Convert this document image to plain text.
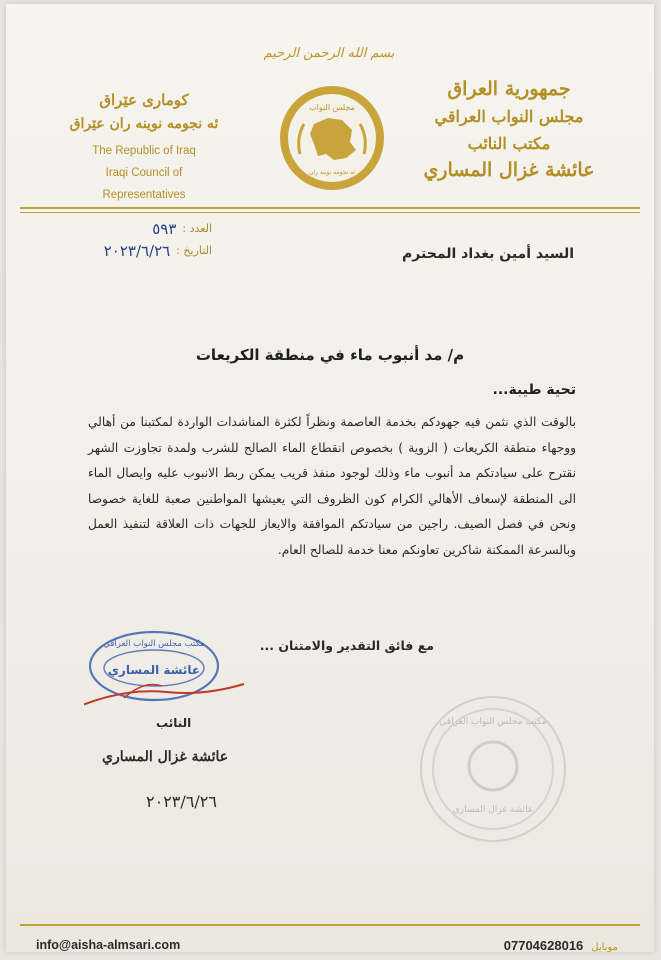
جمهورية العراق
مجلس النواب العراقي
مكتب النائب
عائشة غزال المساري
كوماری عێراق
ئه نجومه نوينه ران عێراق
The Republic of Iraq
Iraqi Council of Representatives
بسم الله الرحمن الرحيم
مجلس النواب
ئه نجومه نوينه ران
العدد :
٥٩٣
التاريخ :
٢٠٢٣/٦/٢٦	السيد أمين بغداد المحترم
م/ مد أنبوب ماء في منطقة الكريعات
تحية طيبة...
بالوقت الذي نثمن فيه جهودكم بخدمة العاصمة ونظراً لكثرة المناشدات الواردة لمكتبنا من أهالي ووجهاء منطقة الكريعات ( الزوية ) بخصوص انقطاع الماء الصالح للشرب ولمدة تجاوزت الشهر نقترح على سيادتكم مد أنبوب ماء وذلك لوجود منفذ قريب يمكن ربط الانبوب عليه وايصال الماء الى المنطقة لإسعاف الأهالي الكرام كون الظروف التي يعيشها المواطنين صعبة للغاية خصوصا ونحن في فصل الصيف. راجين من سيادتكم الموافقة والايعاز للجهات ذات العلاقة لتنفيذ العمل وبالسرعة الممكنة شاكرين تعاونكم معنا خدمة للصالح العام.
مع فائق التقدير والامتنان ...
مكتب مجلس النواب العراقي
عائشة المساري
النائب
عائشة غزال المساري
٢٠٢٣/٦/٢٦
مكتب مجلس النواب العراقي
عائشة غزال المساري
info@aisha-almsari.com	07704628016 موبايل
